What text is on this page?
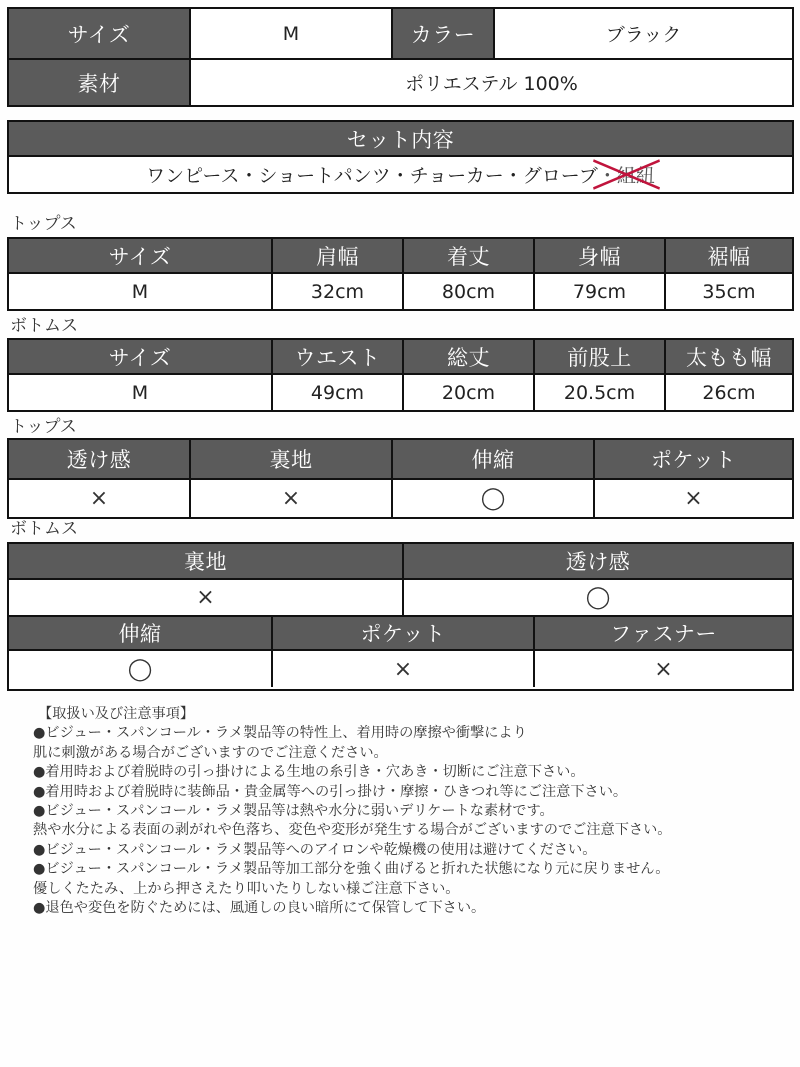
サイズ	M	カラー	ブラック
素材	ポリエステル 100%
セット内容
ワンピース・ショートパンツ・チョーカー・グローブ ・組紐
トップス
サイズ	肩幅	着丈	身幅	裾幅
M	32cm	80cm	79cm	35cm
ボトムス
サイズ	ウエスト	総丈	前股上	太もも幅
M	49cm	20cm	20.5cm	26cm
トップス
透け感	裏地	伸縮	ポケット
×	×	◯	×
ボトムス
裏地	透け感
×	◯
伸縮	ポケット	ファスナー
◯	×	×
【取扱い及び注意事項】
●ビジュー・スパンコール・ラメ製品等の特性上、着用時の摩擦や衝撃により
肌に刺激がある場合がございますのでご注意ください。
●着用時および着脱時の引っ掛けによる生地の糸引き・穴あき・切断にご注意下さい。
●着用時および着脱時に装飾品・貴金属等への引っ掛け・摩擦・ひきつれ等にご注意下さい。
●ビジュー・スパンコール・ラメ製品等は熱や水分に弱いデリケートな素材です。
熱や水分による表面の剥がれや色落ち、変色や変形が発生する場合がございますのでご注意下さい。
●ビジュー・スパンコール・ラメ製品等へのアイロンや乾燥機の使用は避けてください。
●ビジュー・スパンコール・ラメ製品等加工部分を強く曲げると折れた状態になり元に戻りません。
優しくたたみ、上から押さえたり叩いたりしない様ご注意下さい。
●退色や変色を防ぐためには、風通しの良い暗所にて保管して下さい。
